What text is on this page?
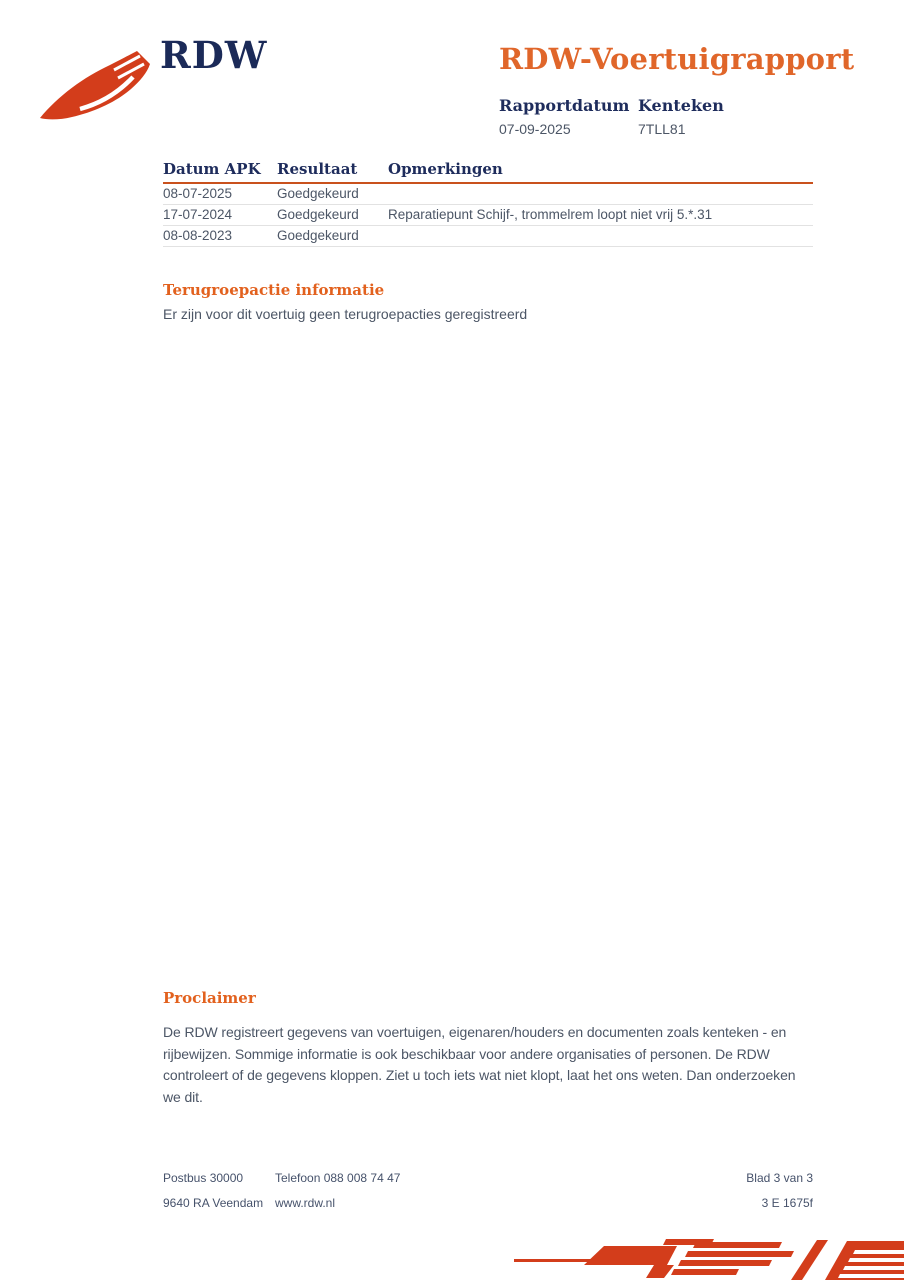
RDW	RDW-Voertuigrapport
Rapportdatum
07-09-2025
Kenteken
7TLL81
Datum APK	Resultaat	Opmerkingen
08-07-2025	Goedgekeurd
17-07-2024	Goedgekeurd	Reparatiepunt Schijf-, trommelrem loopt niet vrij 5.*.31
08-08-2023	Goedgekeurd
Terugroepactie informatie
Er zijn voor dit voertuig geen terugroepacties geregistreerd
Proclaimer
De RDW registreert gegevens van voertuigen, eigenaren/houders en documenten zoals kenteken - en rijbewijzen. Sommige informatie is ook beschikbaar voor andere organisaties of personen. De RDW controleert of de gegevens kloppen. Ziet u toch iets wat niet klopt, laat het ons weten. Dan onderzoeken we dit.
Postbus 30000	Telefoon 088 008 74 47	Blad 3 van 3
9640 RA Veendam www.rdw.nl	3 E 1675f
